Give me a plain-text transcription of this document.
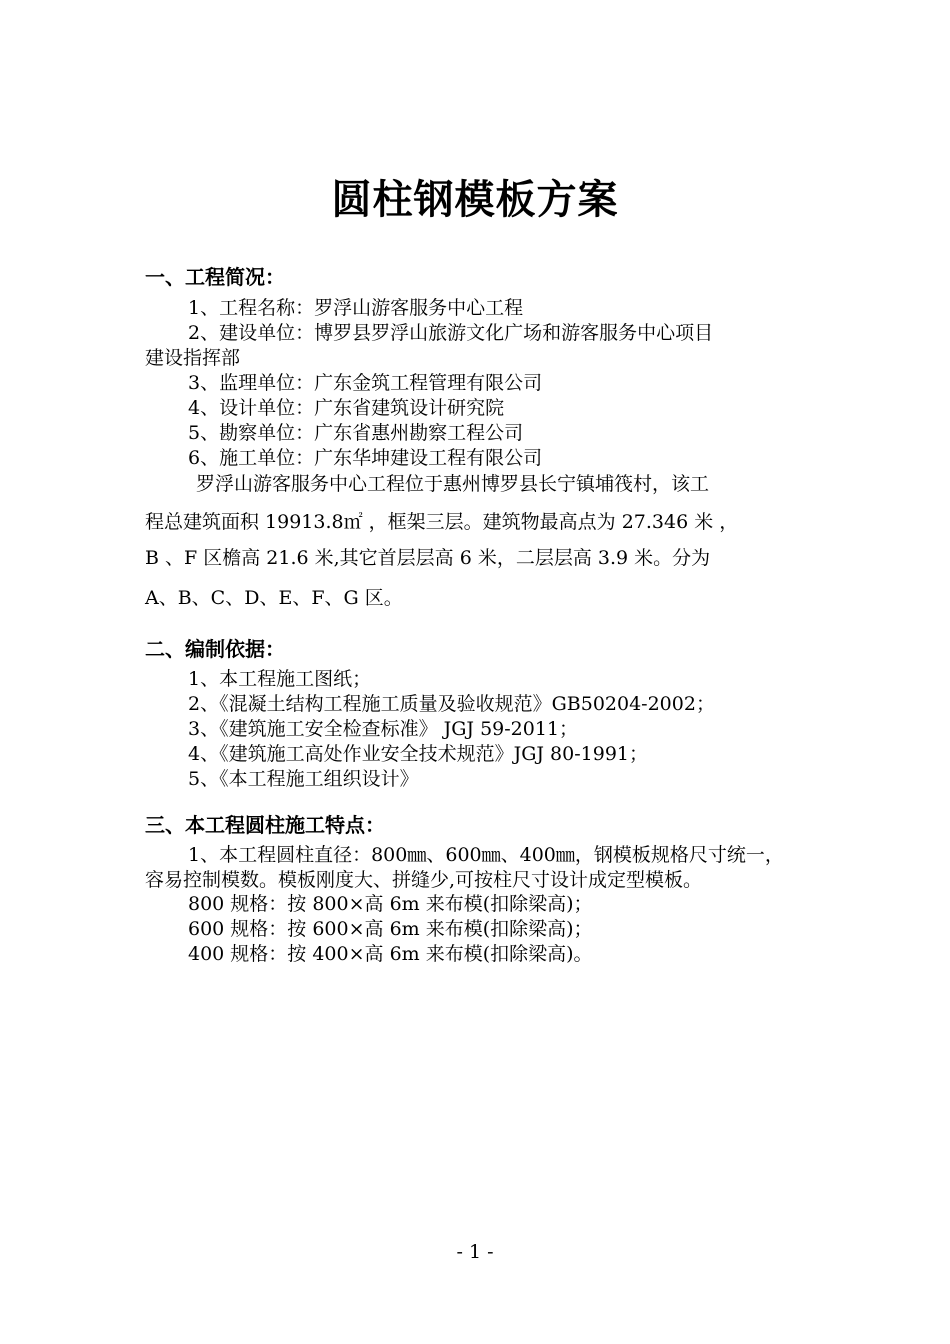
圆柱钢模板方案
一、工程简况：
1、工程名称：罗浮山游客服务中心工程
2、建设单位：博罗县罗浮山旅游文化广场和游客服务中心项目
建设指挥部
3、监理单位：广东金筑工程管理有限公司
4、设计单位：广东省建筑设计研究院
5、勘察单位：广东省惠州勘察工程公司
6、施工单位：广东华坤建设工程有限公司
罗浮山游客服务中心工程位于惠州博罗县长宁镇埔筏村，该工
程总建筑面积 19913.8㎡ ，框架三层。建筑物最高点为 27.346 米 ，
B 、F 区檐高 21.6 米,其它首层层高 6 米，二层层高 3.9 米。分为
A、B、C、D、E、F、G 区。
二、编制依据：
1、本工程施工图纸；
2、《混凝土结构工程施工质量及验收规范》GB50204-2002；
3、《建筑施工安全检查标准》 JGJ 59-2011；
4、《建筑施工高处作业安全技术规范》JGJ 80-1991；
5、《本工程施工组织设计》
三、本工程圆柱施工特点：
1、本工程圆柱直径：800㎜、600㎜、400㎜，钢模板规格尺寸统一，
容易控制模数。模板刚度大、拼缝少,可按柱尺寸设计成定型模板。
800 规格：按 800×高 6m 来布模(扣除梁高)；
600 规格：按 600×高 6m 来布模(扣除梁高)；
400 规格：按 400×高 6m 来布模(扣除梁高)。
- 1 -
